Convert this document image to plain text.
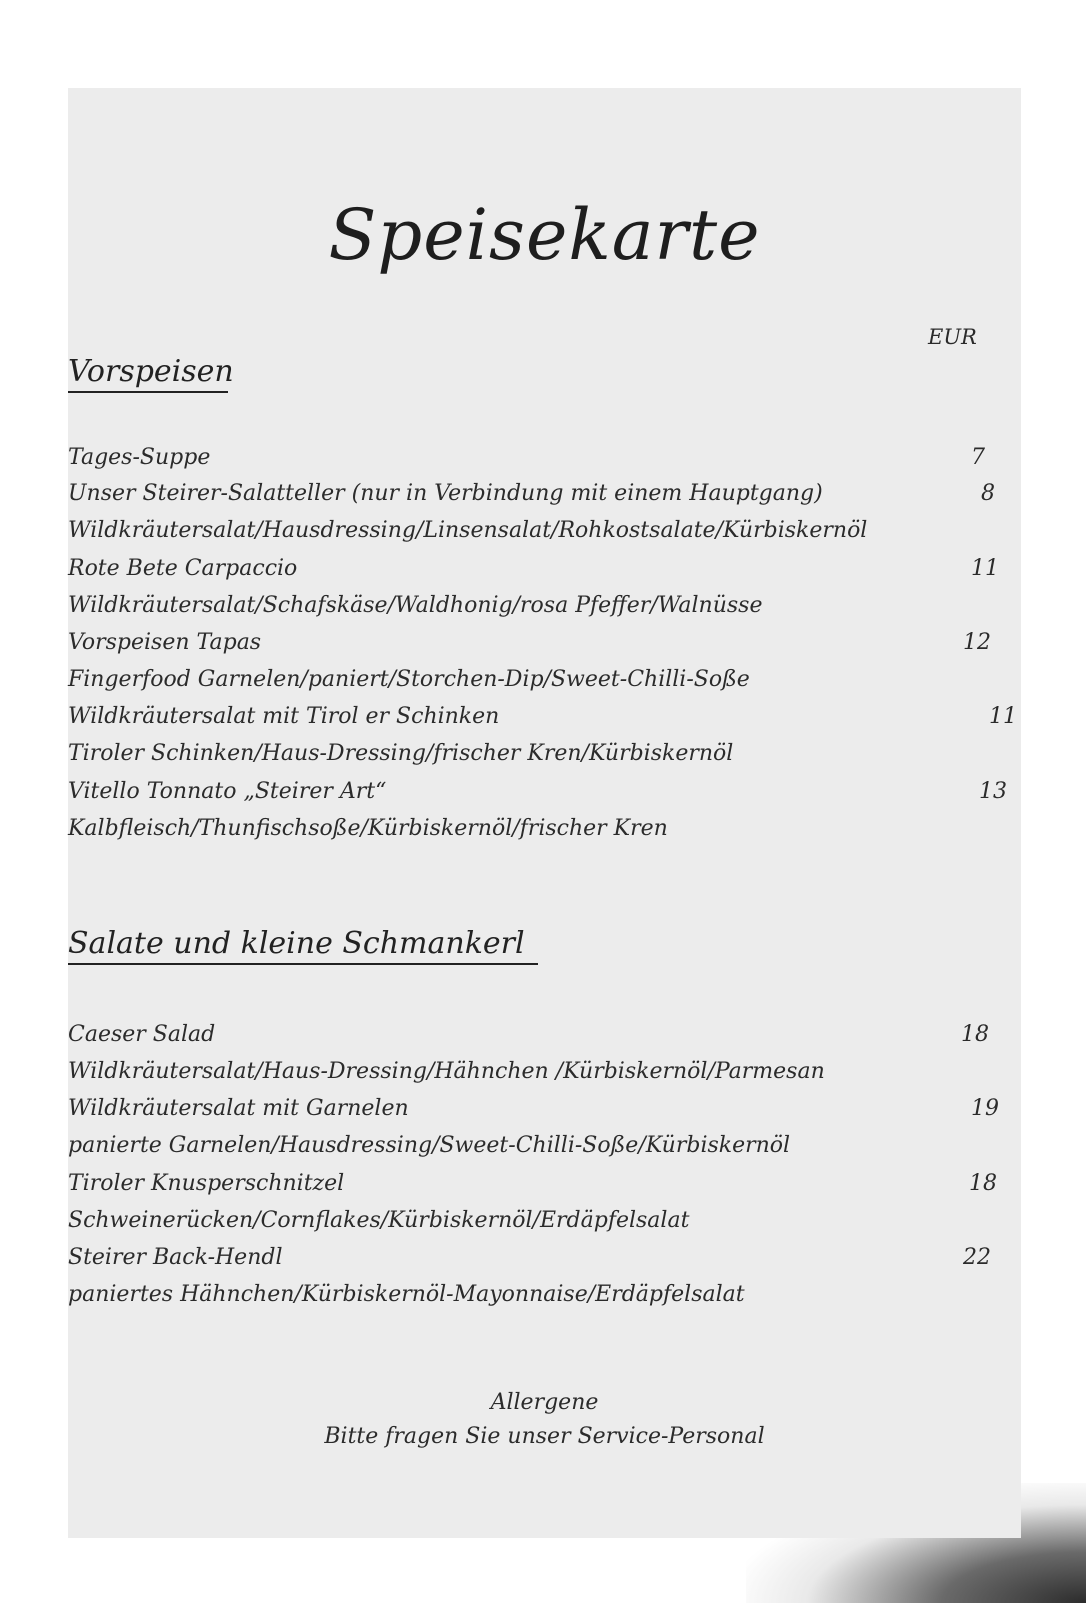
Speisekarte
EUR
Vorspeisen
Tages-Suppe	7
Unser Steirer-Salatteller (nur in Verbindung mit einem Hauptgang)	8
Wildkräutersalat/Hausdressing/Linsensalat/Rohkostsalate/Kürbiskernöl
Rote Bete Carpaccio	11
Wildkräutersalat/Schafskäse/Waldhonig/rosa Pfeffer/Walnüsse
Vorspeisen Tapas	12
Fingerfood Garnelen/paniert/Storchen-Dip/Sweet-Chilli-Soße
Wildkräutersalat mit Tirol er Schinken	11
Tiroler Schinken/Haus-Dressing/frischer Kren/Kürbiskernöl
Vitello Tonnato „Steirer Art“	13
Kalbfleisch/Thunfischsoße/Kürbiskernöl/frischer Kren
Salate und kleine Schmankerl
Caeser Salad	18
Wildkräutersalat/Haus-Dressing/Hähnchen /Kürbiskernöl/Parmesan
Wildkräutersalat mit Garnelen	19
panierte Garnelen/Hausdressing/Sweet-Chilli-Soße/Kürbiskernöl
Tiroler Knusperschnitzel	18
Schweinerücken/Cornflakes/Kürbiskernöl/Erdäpfelsalat
Steirer Back-Hendl	22
paniertes Hähnchen/Kürbiskernöl-Mayonnaise/Erdäpfelsalat
Allergene
Bitte fragen Sie unser Service-Personal
